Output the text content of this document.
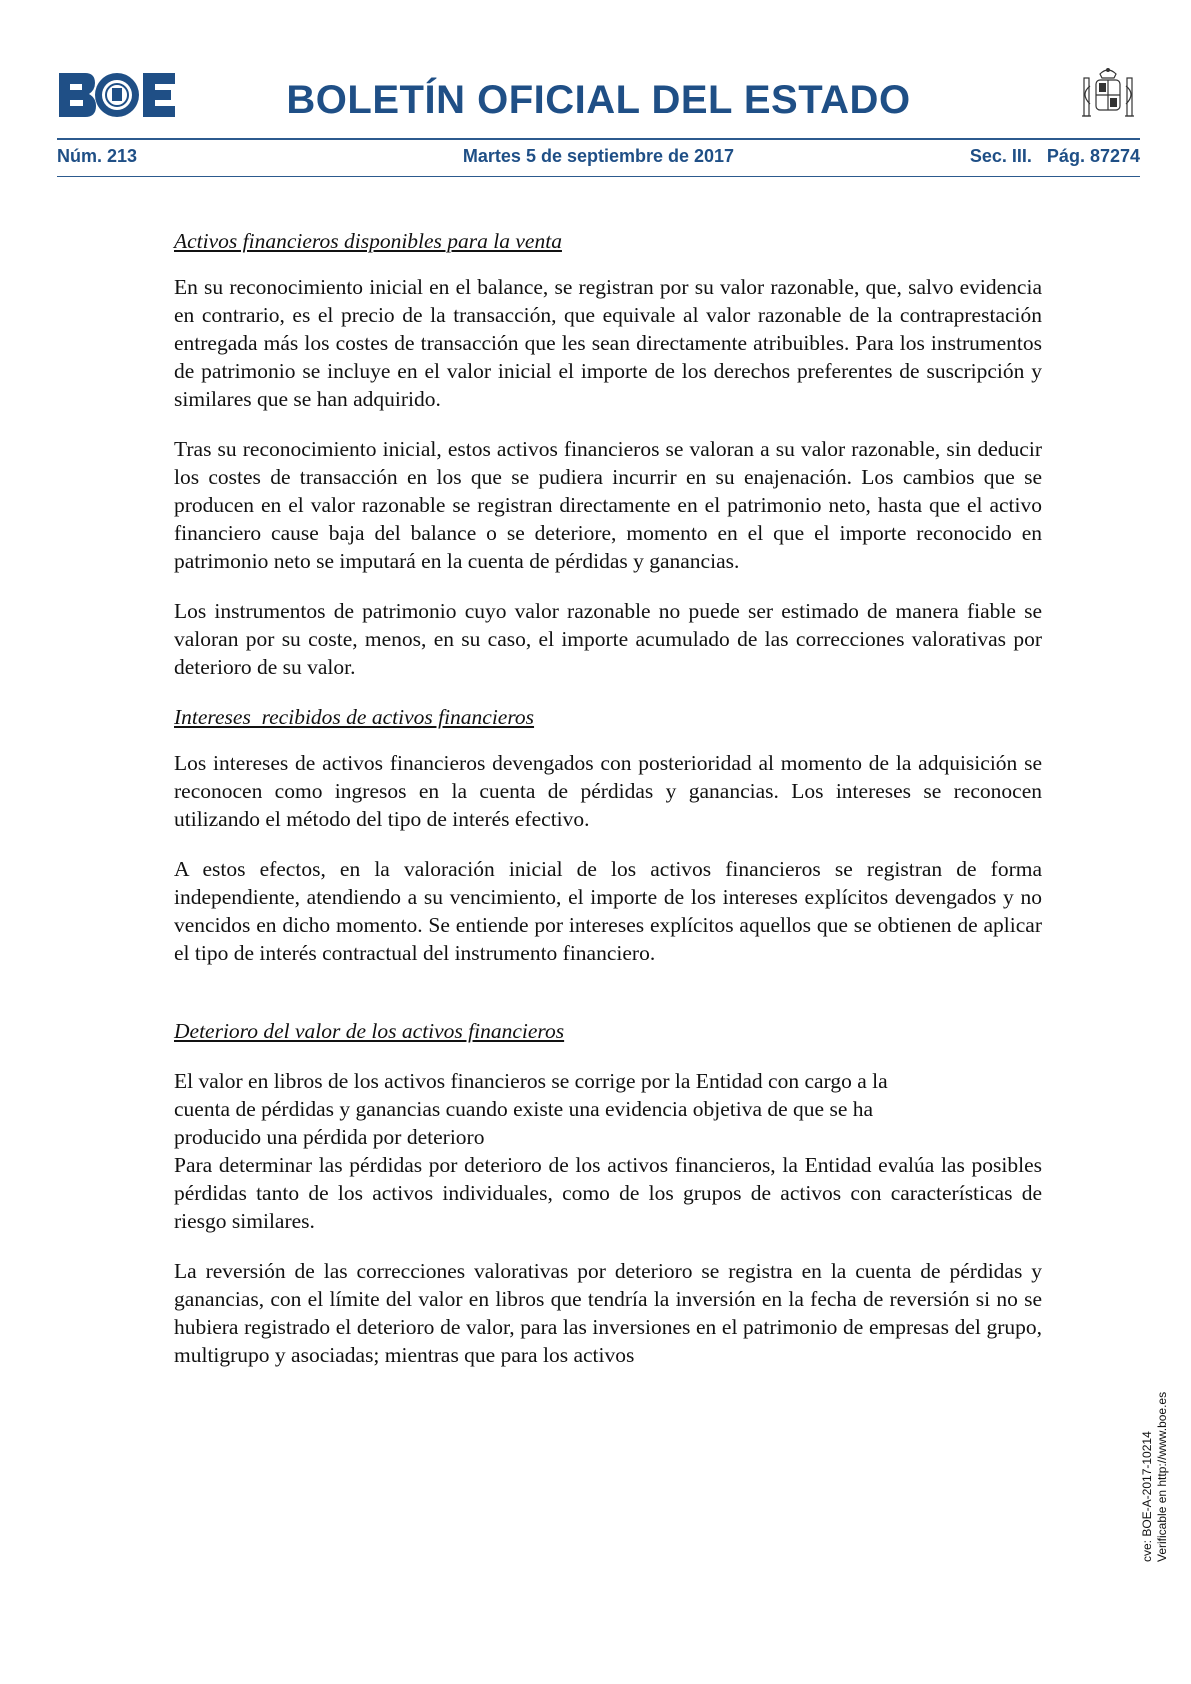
BOLETÍN OFICIAL DEL ESTADO
Núm. 213	Martes 5 de septiembre de 2017	Sec. III.   Pág. 87274
Activos financieros disponibles para la venta

En su reconocimiento inicial en el balance, se registran por su valor razonable, que, salvo evidencia en contrario, es el precio de la transacción, que equivale al valor razonable de la contraprestación entregada más los costes de transacción que les sean directamente atribuibles. Para los instrumentos de patrimonio se incluye en el valor inicial el importe de los derechos preferentes de suscripción y similares que se han adquirido.

Tras su reconocimiento inicial, estos activos financieros se valoran a su valor razonable, sin deducir los costes de transacción en los que se pudiera incurrir en su enajenación. Los cambios que se producen en el valor razonable se registran directamente en el patrimonio neto, hasta que el activo financiero cause baja del balance o se deteriore, momento en el que el importe reconocido en patrimonio neto se imputará en la cuenta de pérdidas y ganancias.

Los instrumentos de patrimonio cuyo valor razonable no puede ser estimado de manera fiable se valoran por su coste, menos, en su caso, el importe acumulado de las correcciones valorativas por deterioro de su valor.

Intereses  recibidos de activos financieros

Los intereses de activos financieros devengados con posterioridad al momento de la adquisición se reconocen como ingresos en la cuenta de pérdidas y ganancias. Los intereses se reconocen utilizando el método del tipo de interés efectivo.

A estos efectos, en la valoración inicial de los activos financieros se registran de forma independiente, atendiendo a su vencimiento, el importe de los intereses explícitos devengados y no vencidos en dicho momento. Se entiende por intereses explícitos aquellos que se obtienen de aplicar el tipo de interés contractual del instrumento financiero.

Deterioro del valor de los activos financieros

El valor en libros de los activos financieros se corrige por la Entidad con cargo a la
cuenta de pérdidas y ganancias cuando existe una evidencia objetiva de que se ha
producido una pérdida por deterioro

Para determinar las pérdidas por deterioro de los activos financieros, la Entidad evalúa las posibles pérdidas tanto de los activos individuales, como de los grupos de activos con características de riesgo similares.

La reversión de las correcciones valorativas por deterioro se registra en la cuenta de pérdidas y ganancias, con el límite del valor en libros que tendría la inversión en la fecha de reversión si no se hubiera registrado el deterioro de valor, para las inversiones en el patrimonio de empresas del grupo, multigrupo y asociadas; mientras que para los activos

cve: BOE-A-2017-10214 Verificable en http://www.boe.es
